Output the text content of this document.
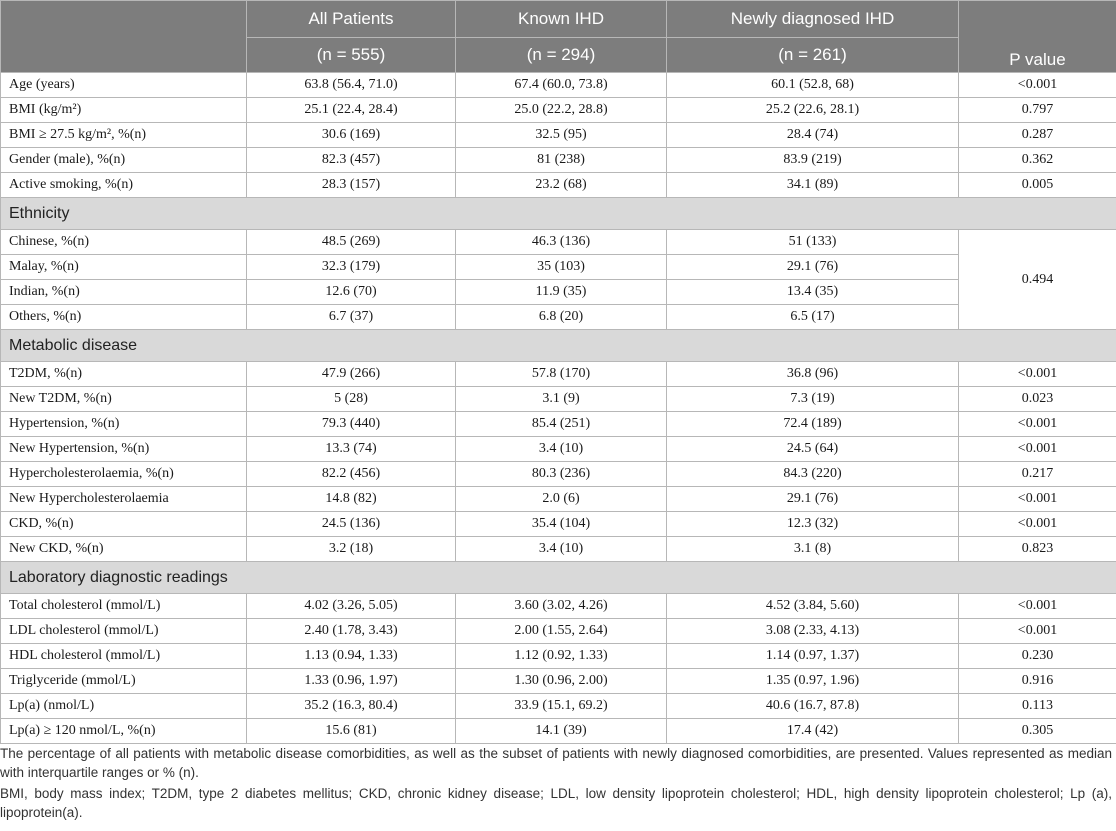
	All Patients	Known IHD	Newly diagnosed IHD	P value
	(n = 555)	(n = 294)	(n = 261)	
Age (years)	63.8 (56.4, 71.0)	67.4 (60.0, 73.8)	60.1 (52.8, 68)	<0.001
BMI (kg/m²)	25.1 (22.4, 28.4)	25.0 (22.2, 28.8)	25.2 (22.6, 28.1)	0.797
BMI ≥ 27.5 kg/m², %(n)	30.6 (169)	32.5 (95)	28.4 (74)	0.287
Gender (male), %(n)	82.3 (457)	81 (238)	83.9 (219)	0.362
Active smoking, %(n)	28.3 (157)	23.2 (68)	34.1 (89)	0.005
Ethnicity				
Chinese, %(n)	48.5 (269)	46.3 (136)	51 (133)	0.494
Malay, %(n)	32.3 (179)	35 (103)	29.1 (76)	
Indian, %(n)	12.6 (70)	11.9 (35)	13.4 (35)	
Others, %(n)	6.7 (37)	6.8 (20)	6.5 (17)	
Metabolic disease				
T2DM, %(n)	47.9 (266)	57.8 (170)	36.8 (96)	<0.001
New T2DM, %(n)	5 (28)	3.1 (9)	7.3 (19)	0.023
Hypertension, %(n)	79.3 (440)	85.4 (251)	72.4 (189)	<0.001
New Hypertension, %(n)	13.3 (74)	3.4 (10)	24.5 (64)	<0.001
Hypercholesterolaemia, %(n)	82.2 (456)	80.3 (236)	84.3 (220)	0.217
New Hypercholesterolaemia	14.8 (82)	2.0 (6)	29.1 (76)	<0.001
CKD, %(n)	24.5 (136)	35.4 (104)	12.3 (32)	<0.001
New CKD, %(n)	3.2 (18)	3.4 (10)	3.1 (8)	0.823
Laboratory diagnostic readings				
Total cholesterol (mmol/L)	4.02 (3.26, 5.05)	3.60 (3.02, 4.26)	4.52 (3.84, 5.60)	<0.001
LDL cholesterol (mmol/L)	2.40 (1.78, 3.43)	2.00 (1.55, 2.64)	3.08 (2.33, 4.13)	<0.001
HDL cholesterol (mmol/L)	1.13 (0.94, 1.33)	1.12 (0.92, 1.33)	1.14 (0.97, 1.37)	0.230
Triglyceride (mmol/L)	1.33 (0.96, 1.97)	1.30 (0.96, 2.00)	1.35 (0.97, 1.96)	0.916
Lp(a) (nmol/L)	35.2 (16.3, 80.4)	33.9 (15.1, 69.2)	40.6 (16.7, 87.8)	0.113
Lp(a) ≥ 120 nmol/L, %(n)	15.6 (81)	14.1 (39)	17.4 (42)	0.305

The percentage of all patients with metabolic disease comorbidities, as well as the subset of patients with newly diagnosed comorbidities, are presented. Values represented as median with interquartile ranges or % (n).

BMI, body mass index; T2DM, type 2 diabetes mellitus; CKD, chronic kidney disease; LDL, low density lipoprotein cholesterol; HDL, high density lipoprotein cholesterol; Lp (a), lipoprotein(a).
